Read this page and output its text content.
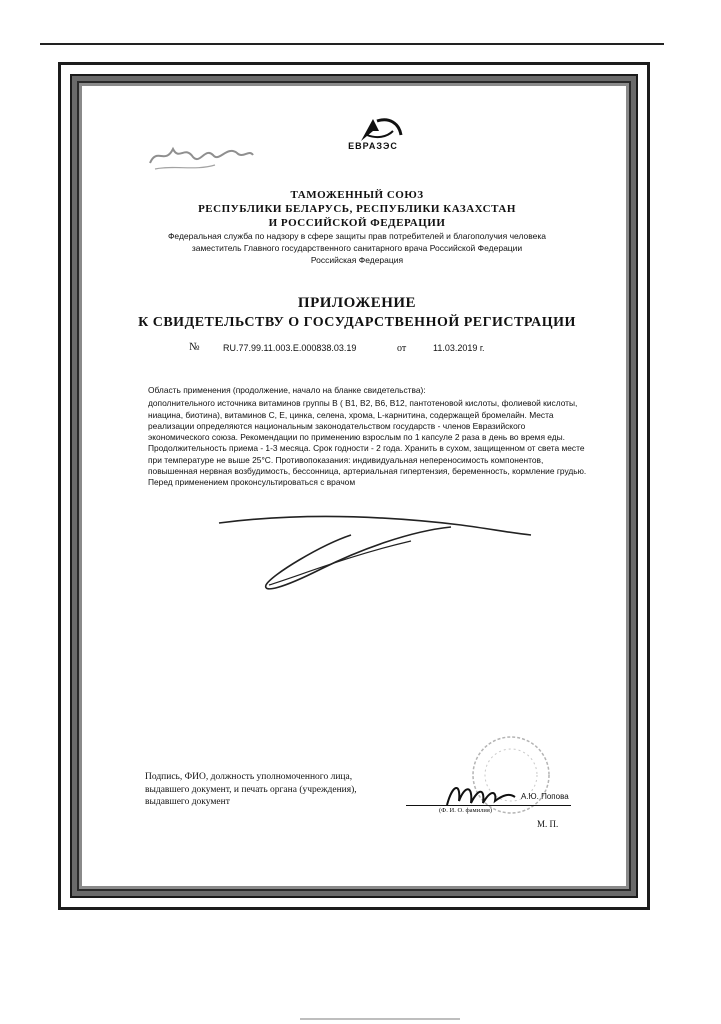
ЕВРАЗЭС
ТАМОЖЕННЫЙ СОЮЗ
РЕСПУБЛИКИ БЕЛАРУСЬ, РЕСПУБЛИКИ КАЗАХСТАН
И РОССИЙСКОЙ ФЕДЕРАЦИИ
Федеральная служба по надзору в сфере защиты прав потребителей и благополучия человека
заместитель Главного государственного санитарного врача Российской Федерации
Российская Федерация
ПРИЛОЖЕНИЕ
К СВИДЕТЕЛЬСТВУ О ГОСУДАРСТВЕННОЙ РЕГИСТРАЦИИ
№	RU.77.99.11.003.E.000838.03.19	от	11.03.2019 г.
Область применения (продолжение, начало на бланке свидетельства):
дополнительного источника витаминов группы В ( В1, В2, В6, В12, пантотеновой кислоты, фолиевой кислоты, ниацина, биотина), витаминов С, Е, цинка, селена, хрома, L-карнитина, содержащей бромелайн. Места реализации определяются национальным законодательством государств - членов Евразийского экономического союза. Рекомендации по применению взрослым по 1 капсуле 2 раза в день во время еды. Продолжительность приема - 1-3 месяца. Срок годности - 2 года. Хранить в сухом, защищенном от света месте при температуре не выше 25°С. Противопоказания: индивидуальная непереносимость компонентов, повышенная нервная возбудимость, бессонница, артериальная гипертензия, беременность, кормление грудью. Перед применением проконсультироваться с врачом
Подпись, ФИО, должность уполномоченного лица, выдавшего документ, и печать органа (учреждения), выдавшего документ
А.Ю. Попова
(Ф. И. О. фамилия)
М. П.
